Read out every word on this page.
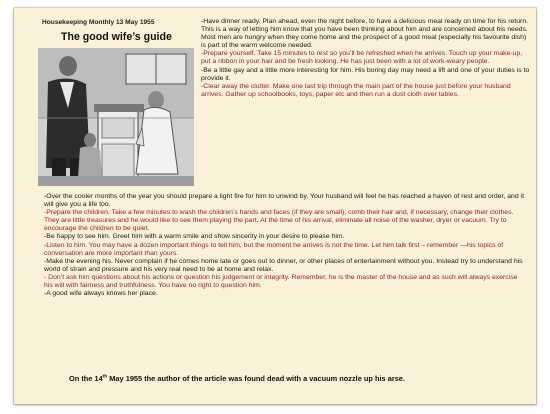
Housekeeping Monthly 13 May 1955
The good wife’s guide

-Have dinner ready. Plan ahead, even the night before, to have a delicious meal ready on time for his return. This is a way of letting him know that you have been thinking about him and are concerned about his needs. Most men are hungry when they come home and the prospect of a good meal (especially his favourite dish) is part of the warm welcome needed.

-Prepare yourself. Take 15 minutes to rest so you’ll be refreshed when he arrives. Touch up your make-up, put a ribbon in your hair and be fresh looking. He has just been with a lot of work-weary people.

-Be a little gay and a little more interesting for him. His boring day may need a lift and one of your duties is to provide it.

-Clear away the clutter. Make one last trip through the main part of the house just before your husband arrives. Gather up schoolbooks, toys, paper etc and then run a dust cloth over tables.

-Over the cooler months of the year you should prepare a light fire for him to unwind by. Your husband will feel he has reached a haven of rest and order, and it will give you a life too.

-Prepare the children. Take a few minutes to wash the children’s hands and faces (if they are small), comb their hair and, if necessary, change their clothes. They are little treasures and he would like to see them playing the part. At the time of his arrival, eliminate all noise of the washer, dryer or vacuum. Try to encourage the children to be quiet.

-Be happy to see him. Greet him with a warm smile and show sincerity in your desire to please him.

-Listen to him. You may have a dozen important things to tell him, but the moment he arrives is not the time. Let him talk first – remember —his topics of conversation are more important than yours.

-Make the evening his. Never complain if he comes home late or goes out to dinner, or other places of entertainment without you. Instead try to understand his world of strain and pressure and his very real need to be at home and relax.

- Don’t ask him questions about his actions or question his judgement or integrity. Remember, he is the master of the house and as such will always exercise his will with fairness and truthfulness. You have no right to question him.

-A good wife always knows her place.

On the 14th May 1955 the author of the article was found dead with a vacuum nozzle up his arse.
